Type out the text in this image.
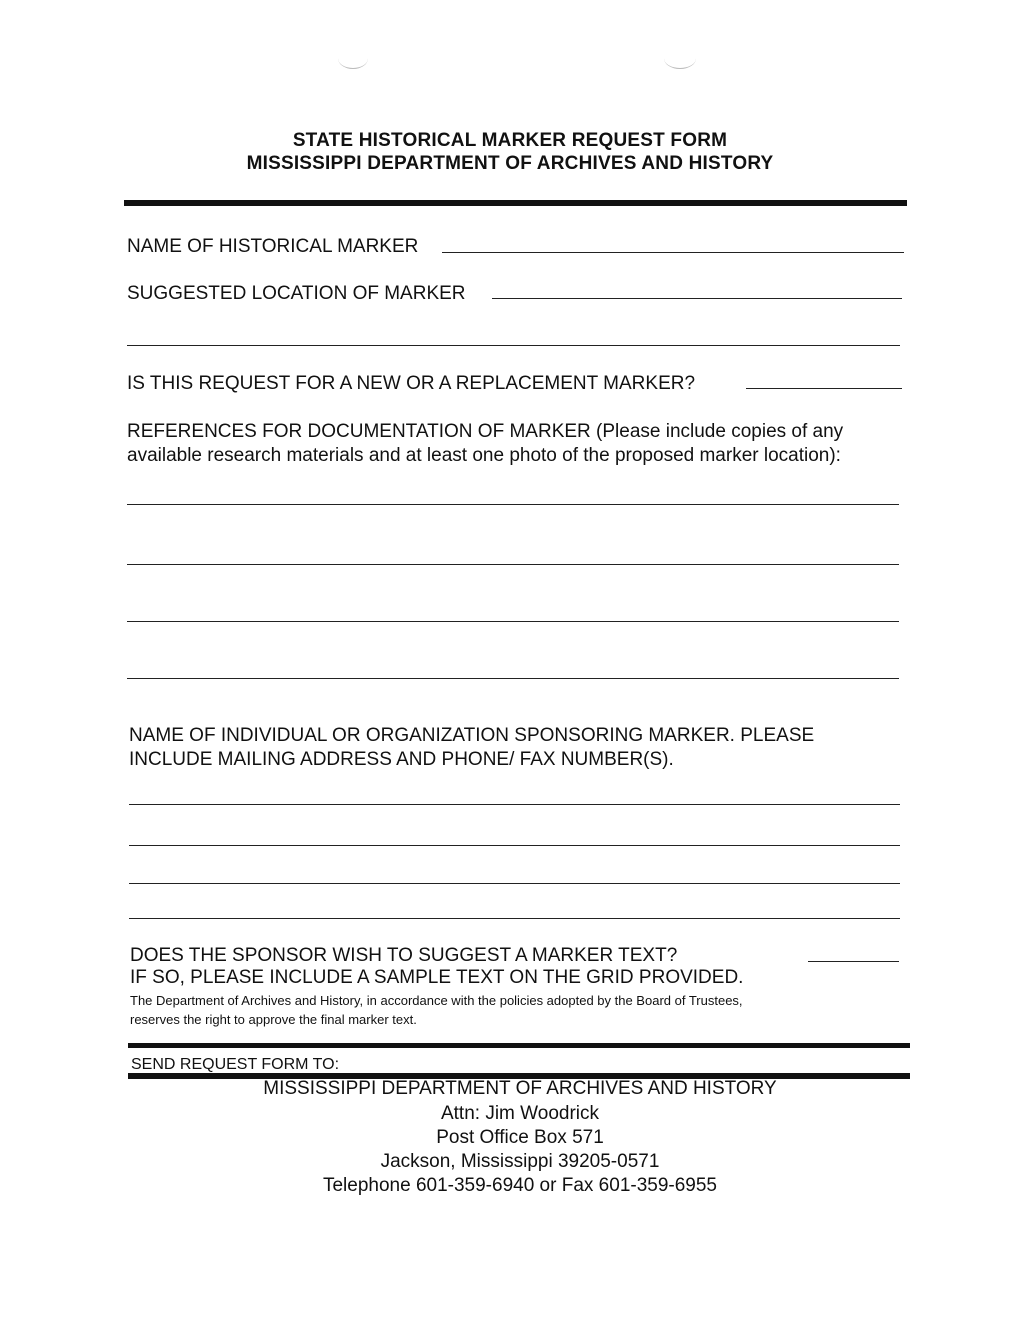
STATE HISTORICAL MARKER REQUEST FORM
MISSISSIPPI DEPARTMENT OF ARCHIVES AND HISTORY
NAME OF HISTORICAL MARKER
SUGGESTED LOCATION OF MARKER
IS THIS REQUEST FOR A NEW OR A REPLACEMENT MARKER?
REFERENCES FOR DOCUMENTATION OF MARKER (Please include copies of any
available research materials and at least one photo of the proposed marker location):
NAME OF INDIVIDUAL OR ORGANIZATION SPONSORING MARKER. PLEASE
INCLUDE MAILING ADDRESS AND PHONE/ FAX NUMBER(S).
DOES THE SPONSOR WISH TO SUGGEST A MARKER TEXT?
IF SO, PLEASE INCLUDE A SAMPLE TEXT ON THE GRID PROVIDED.
The Department of Archives and History, in accordance with the policies adopted by the Board of Trustees,
reserves the right to approve the final marker text.
SEND REQUEST FORM TO:
MISSISSIPPI DEPARTMENT OF ARCHIVES AND HISTORY
Attn: Jim Woodrick
Post Office Box 571
Jackson, Mississippi 39205-0571
Telephone 601-359-6940 or Fax 601-359-6955
